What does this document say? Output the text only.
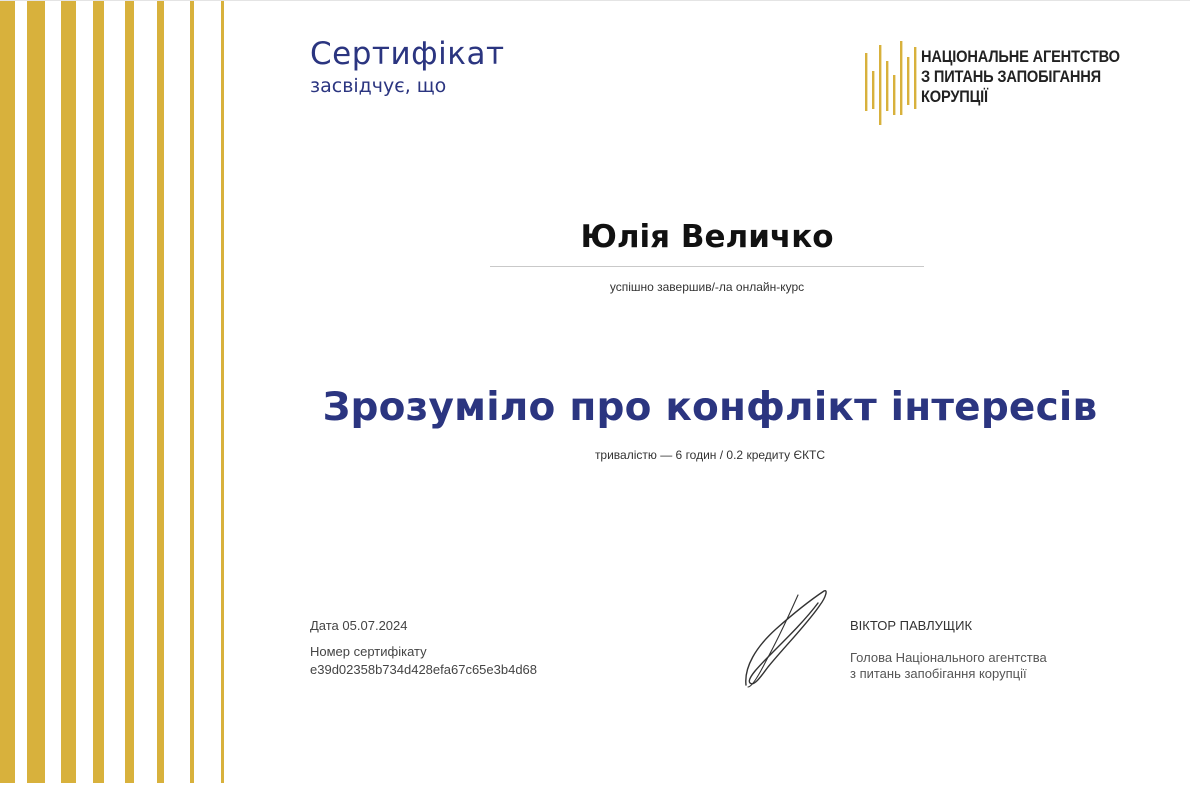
Сертифікат
засвідчує, що
НАЦІОНАЛЬНЕ АГЕНТСТВО
З ПИТАНЬ ЗАПОБІГАННЯ
КОРУПЦІЇ
Юлія Величко
успішно завершив/-ла онлайн-курс
Зрозуміло про конфлікт інтересів
тривалістю — 6 годин / 0.2 кредиту ЄКТС
Дата 05.07.2024
Номер сертифікату
e39d02358b734d428efa67c65e3b4d68
ВІКТОР ПАВЛУЩИК
Голова Національного агентства
з питань запобігання корупції
